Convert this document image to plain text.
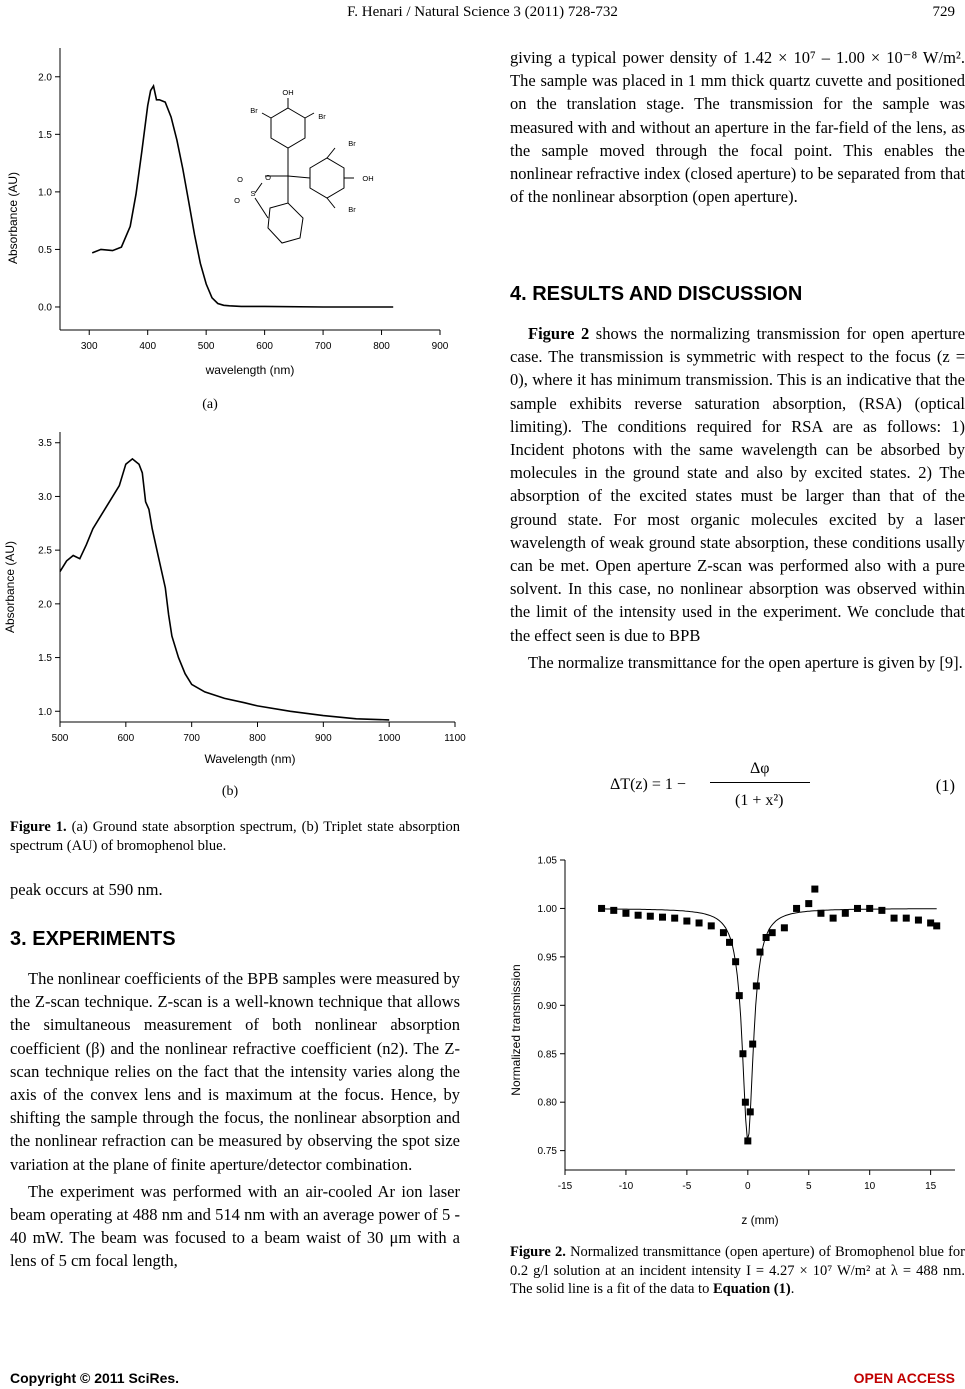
F. Henari / Natural Science 3 (2011) 728-732	729
300	400	500	600	700	800	900
0.0
0.5
1.0
1.5
2.0
wavelength (nm)
Absorbance (AU)
OH
Br
Br
Br
Br
OH
O
S
O
O
(a)
500	600	700	800	900	1000	1100
1.0
1.5
2.0
2.5
3.0
3.5
Wavelength (nm)
Absorbance (AU)
(b)
Figure 1. (a) Ground state absorption spectrum, (b) Triplet state absorption spectrum (AU) of bromophenol blue.
peak occurs at 590 nm.
3. EXPERIMENTS

The nonlinear coefficients of the BPB samples were measured by the Z-scan technique. Z-scan is a well-known technique that allows the simultaneous measurement of both nonlinear absorption coefficient (β) and the nonlinear refractive coefficient (n2). The Z-scan technique relies on the fact that the intensity varies along the axis of the convex lens and is maximum at the focus. Hence, by shifting the sample through the focus, the nonlinear absorption and the nonlinear refraction can be measured by observing the spot size variation at the plane of finite aperture/detector combination.

The experiment was performed with an air-cooled Ar ion laser beam operating at 488 nm and 514 nm with an average power of 5 - 40 mW. The beam was focused to a beam waist of 30 μm with a lens of 5 cm focal length,

giving a typical power density of 1.42 × 10⁷ – 1.00 × 10⁻⁸ W/m². The sample was placed in 1 mm thick quartz cuvette and positioned on the translation stage. The transmission for the sample was measured with and without an aperture in the far-field of the lens, as the sample moved through the focal point. This enables the nonlinear refractive index (closed aperture) to be separated from that of the nonlinear absorption (open aperture).

4. RESULTS AND DISCUSSION

Figure 2 shows the normalizing transmission for open aperture case. The transmission is symmetric with respect to the focus (z = 0), where it has minimum transmission. This is an indicative that the sample exhibits reverse saturation absorption, (RSA) (optical limiting). The conditions required for RSA are as follows: 1) Incident photons with the same wavelength can be absorbed by molecules in the ground state and also by excited states. 2) The absorption of the excited states must be larger than that of the ground state. For most organic molecules excited by a laser wavelength of weak ground state absorption, these conditions usally can be met. Open aperture Z-scan was performed also with a pure solvent. In this case, no nonlinear absorption was observed within the limit of the intensity used in the experiment. We conclude that the effect seen is due to BPB

The normalize transmittance for the open aperture is given by [9].

ΔT(z) = 1 −
Δφ
(1 + x²)
(1)
-15	-10	-5	0	5	10	15
0.75
0.80
0.85
0.90
0.95
1.00
1.05
z (mm)
Normalized transmission
Figure 2. Normalized transmittance (open aperture) of Bromophenol blue for 0.2 g/l solution at an incident intensity I = 4.27 × 10⁷ W/m² at λ = 488 nm. The solid line is a fit of the data to Equation (1).
Copyright © 2011 SciRes.	OPEN ACCESS
